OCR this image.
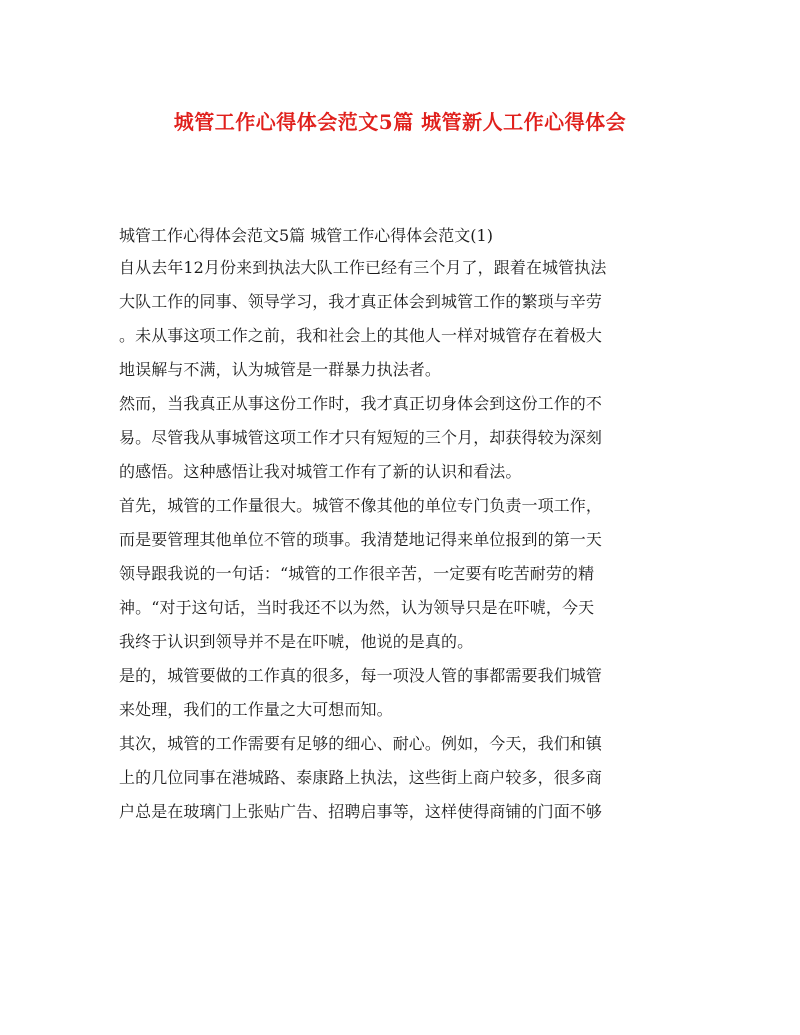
城管工作心得体会范文5篇 城管新人工作心得体会

城管工作心得体会范文5篇 城管工作心得体会范文(1)

自从去年12月份来到执法大队工作已经有三个月了，跟着在城管执法
大队工作的同事、领导学习，我才真正体会到城管工作的繁琐与辛劳
。未从事这项工作之前，我和社会上的其他人一样对城管存在着极大
地误解与不满，认为城管是一群暴力执法者。
然而，当我真正从事这份工作时，我才真正切身体会到这份工作的不
易。尽管我从事城管这项工作才只有短短的三个月，却获得较为深刻
的感悟。这种感悟让我对城管工作有了新的认识和看法。
首先，城管的工作量很大。城管不像其他的单位专门负责一项工作，
而是要管理其他单位不管的琐事。我清楚地记得来单位报到的第一天
领导跟我说的一句话：“城管的工作很辛苦，一定要有吃苦耐劳的精
神。“对于这句话，当时我还不以为然，认为领导只是在吓唬，今天
我终于认识到领导并不是在吓唬，他说的是真的。
是的，城管要做的工作真的很多，每一项没人管的事都需要我们城管
来处理，我们的工作量之大可想而知。
其次，城管的工作需要有足够的细心、耐心。例如，今天，我们和镇
上的几位同事在港城路、泰康路上执法，这些街上商户较多，很多商
户总是在玻璃门上张贴广告、招聘启事等，这样使得商铺的门面不够
